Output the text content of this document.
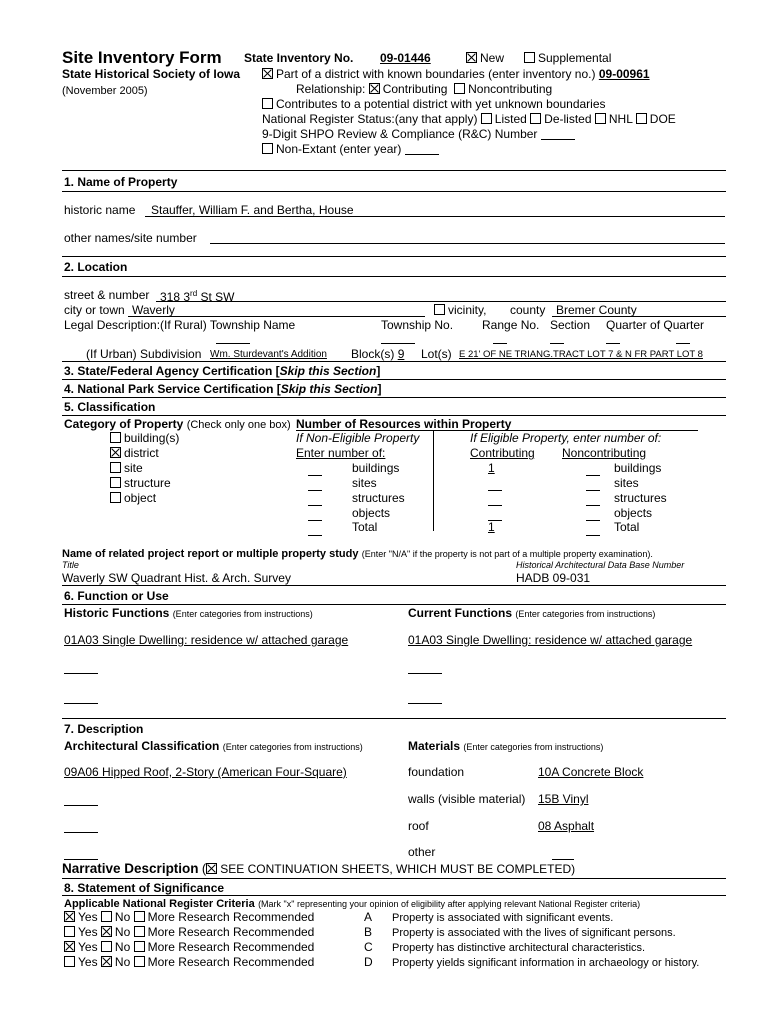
Site Inventory Form State Inventory No. 09-01446	New	Supplemental
State Historical Society of Iowa	Part of a district with known boundaries (enter inventory no.) 09-00961
(November 2005)	Relationship: Contributing Noncontributing
Contributes to a potential district with yet unknown boundaries
National Register Status:(any that apply) Listed De-listed NHL DOE
9-Digit SHPO Review & Compliance (R&C) Number
Non-Extant (enter year)
1. Name of Property
historic name Stauffer, William F. and Bertha, House
other names/site number
2. Location
street & number 318 3rd St SW
city or town Waverly	vicinity, county Bremer County
Legal Description:(If Rural) Township Name	Township No. Range No. Section Quarter of Quarter
(If Urban) Subdivision Wm. Sturdevant's Addition Block(s) 9 Lot(s) E 21' OF NE TRIANG.TRACT LOT 7 & N FR PART LOT 8
3. State/Federal Agency Certification [Skip this Section]
4. National Park Service Certification [Skip this Section]
5. Classification
Category of Property (Check only one box)
building(s)
district
site
structure
object
Number of Resources within Property
If Non-Eligible Property	If Eligible Property, enter number of:
Enter number of:	Contributing Noncontributing
buildings	1	buildings
sites	sites
structures	structures
objects	objects
Total	1	Total
Name of related project report or multiple property study (Enter "N/A" if the property is not part of a multiple property examination).
Title	Historical Architectural Data Base Number
Waverly SW Quadrant Hist. & Arch. Survey	HADB 09-031
6. Function or Use
Historic Functions (Enter categories from instructions)	Current Functions (Enter categories from instructions)
01A03 Single Dwelling: residence w/ attached garage	01A03 Single Dwelling: residence w/ attached garage
7. Description
Architectural Classification (Enter categories from instructions)	Materials (Enter categories from instructions)
09A06 Hipped Roof, 2-Story (American Four-Square)	foundation	10A Concrete Block
walls (visible material) 15B Vinyl
roof	08 Asphalt
other
Narrative Description ( SEE CONTINUATION SHEETS, WHICH MUST BE COMPLETED)
8. Statement of Significance
Applicable National Register Criteria (Mark "x" representing your opinion of eligibility after applying relevant National Register criteria)
Yes No More Research Recommended	A Property is associated with significant events.
Yes No More Research Recommended	B Property is associated with the lives of significant persons.
Yes No More Research Recommended	C Property has distinctive architectural characteristics.
Yes No More Research Recommended	D Property yields significant information in archaeology or history.
